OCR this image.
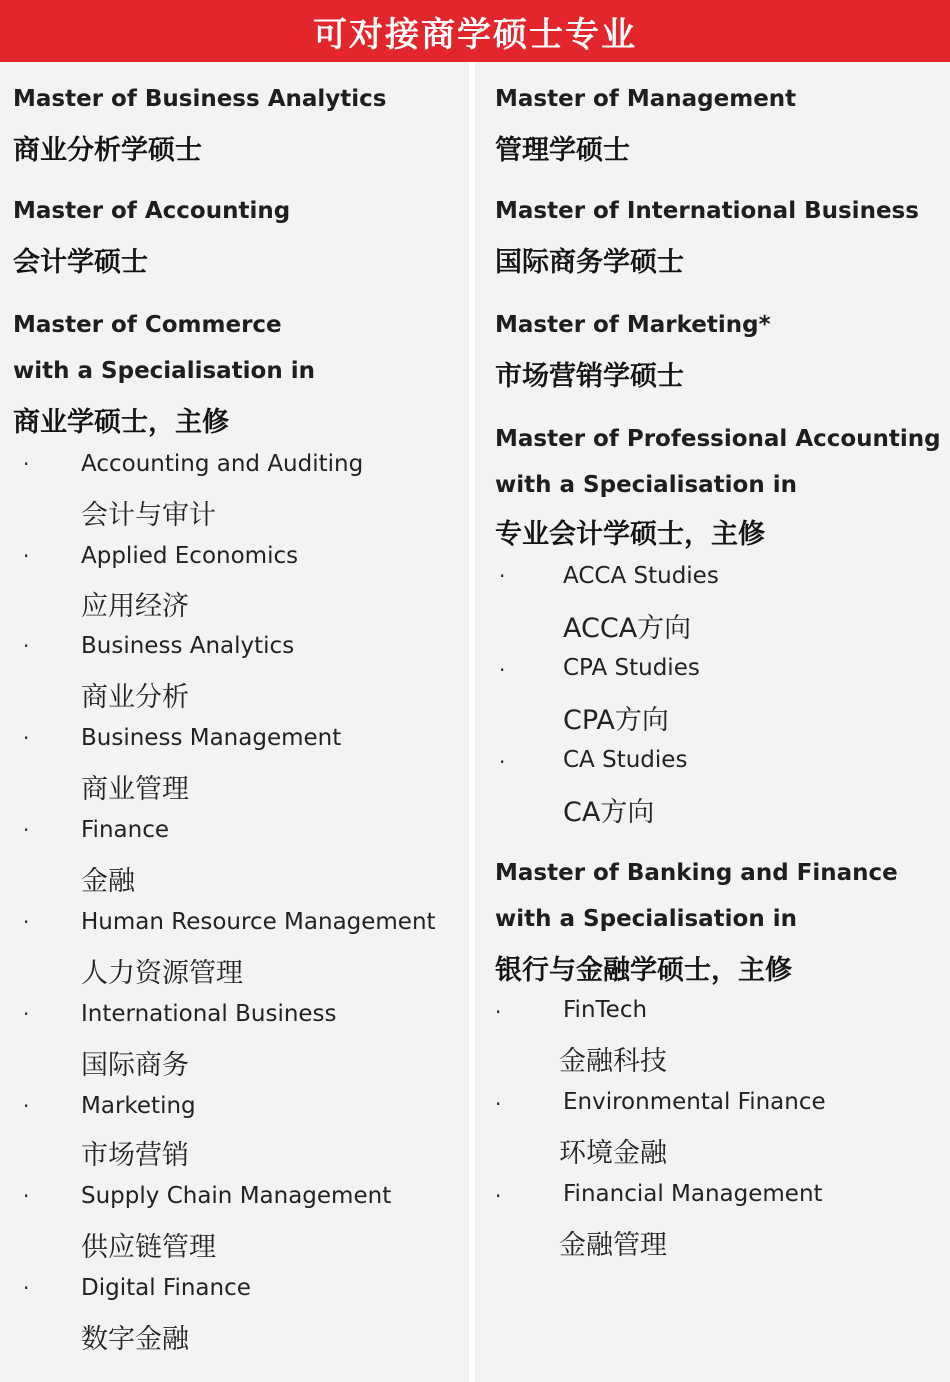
可对接商学硕士专业
Master of Business Analytics
商业分析学硕士
Master of Accounting
会计学硕士
Master of Commerce
with a Specialisation in
商业学硕士，主修
· Accounting and Auditing
会计与审计
· Applied Economics
应用经济
· Business Analytics
商业分析
· Business Management
商业管理
· Finance
金融
· Human Resource Management
人力资源管理
· International Business
国际商务
· Marketing
市场营销
· Supply Chain Management
供应链管理
· Digital Finance
数字金融
Master of Management
管理学硕士
Master of International Business
国际商务学硕士
Master of Marketing*
市场营销学硕士
Master of Professional Accounting
with a Specialisation in
专业会计学硕士，主修
·	ACCA Studies
ACCA方向
·	CPA Studies
CPA方向
·	CA Studies
CA方向
Master of Banking and Finance
with a Specialisation in
银行与金融学硕士，主修
·	FinTech
金融科技
·	Environmental Finance
环境金融
·	Financial Management
金融管理
